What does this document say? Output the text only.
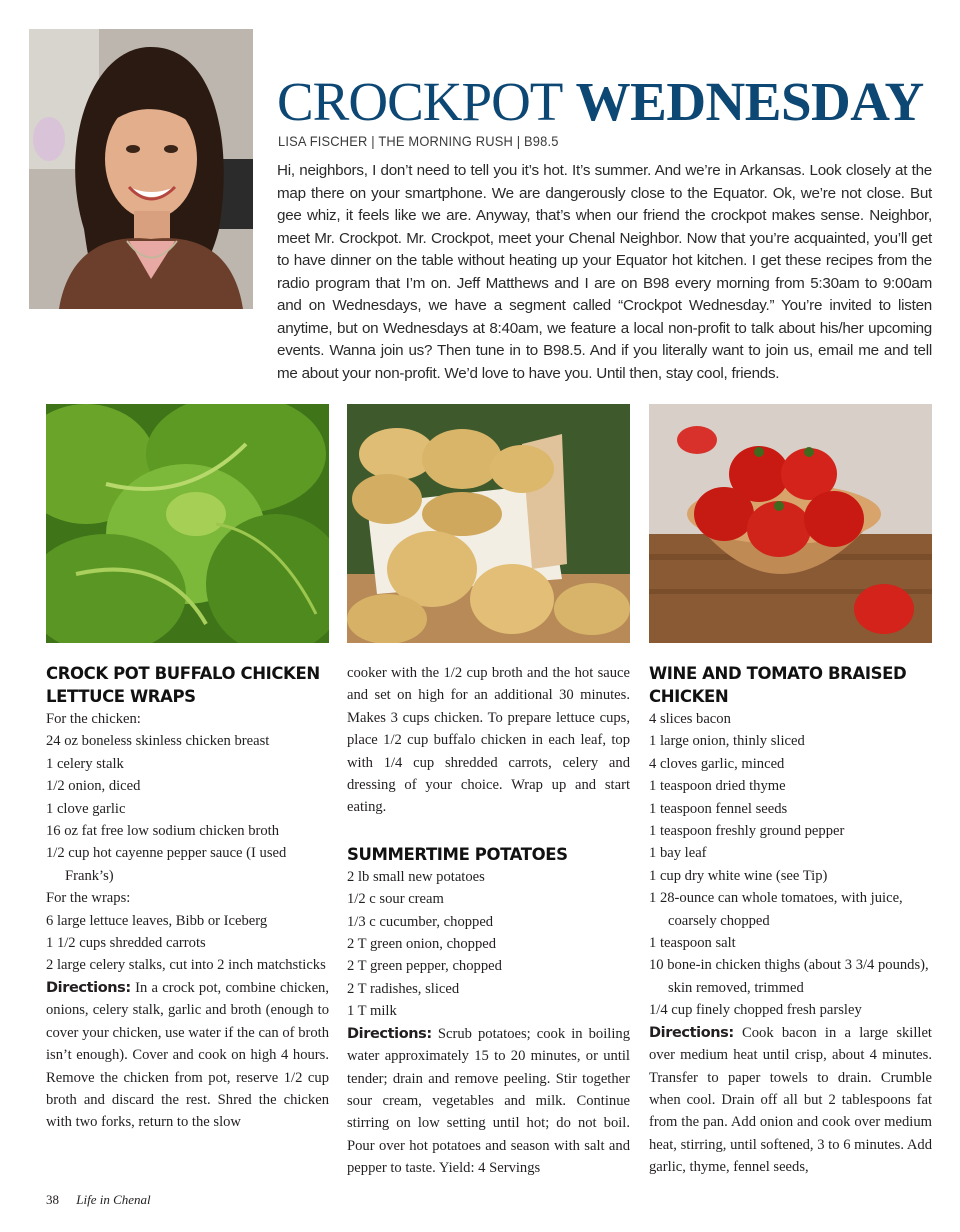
CROCKPOT WEDNESDAY
LISA FISCHER | THE MORNING RUSH | B98.5

Hi, neighbors, I don’t need to tell you it’s hot. It’s summer. And we’re in Arkansas. Look closely at the map there on your smartphone. We are dangerously close to the Equator. Ok, we’re not close. But gee whiz, it feels like we are. Anyway, that’s when our friend the crockpot makes sense. Neighbor, meet Mr. Crockpot. Mr. Crockpot, meet your Chenal Neighbor. Now that you’re acquainted, you’ll get to have dinner on the table without heating up your Equator hot kitchen. I get these recipes from the radio program that I’m on. Jeff Matthews and I are on B98 every morning from 5:30am to 9:00am and on Wednesdays, we have a segment called “Crockpot Wednesday.” You’re invited to listen anytime, but on Wednesdays at 8:40am, we feature a local non-profit to talk about his/her upcoming events. Wanna join us? Then tune in to B98.5. And if you literally want to join us, email me and tell me about your non-profit. We’d love to have you. Until then, stay cool, friends.

CROCK POT BUFFALO CHICKEN LETTUCE WRAPS
For the chicken:
24 oz boneless skinless chicken breast
1 celery stalk
1/2 onion, diced
1 clove garlic
16 oz fat free low sodium chicken broth
1/2 cup hot cayenne pepper sauce (I used Frank’s)
For the wraps:
6 large lettuce leaves, Bibb or Iceberg
1 1/2 cups shredded carrots
2 large celery stalks, cut into 2 inch matchsticks

Directions: In a crock pot, combine chicken, onions, celery stalk, garlic and broth (enough to cover your chicken, use water if the can of broth isn’t enough). Cover and cook on high 4 hours. Remove the chicken from pot, reserve 1/2 cup broth and discard the rest. Shred the chicken with two forks, return to the slow

cooker with the 1/2 cup broth and the hot sauce and set on high for an additional 30 minutes. Makes 3 cups chicken. To prepare lettuce cups, place 1/2 cup buffalo chicken in each leaf, top with 1/4 cup shredded carrots, celery and dressing of your choice. Wrap up and start eating.

SUMMERTIME POTATOES
2 lb small new potatoes
1/2 c sour cream
1/3 c cucumber, chopped
2 T green onion, chopped
2 T green pepper, chopped
2 T radishes, sliced
1 T milk

Directions: Scrub potatoes; cook in boiling water approximately 15 to 20 minutes, or until tender; drain and remove peeling. Stir together sour cream, vegetables and milk. Continue stirring on low setting until hot; do not boil. Pour over hot potatoes and season with salt and pepper to taste. Yield: 4 Servings

WINE AND TOMATO BRAISED CHICKEN
4 slices bacon
1 large onion, thinly sliced
4 cloves garlic, minced
1 teaspoon dried thyme
1 teaspoon fennel seeds
1 teaspoon freshly ground pepper
1 bay leaf
1 cup dry white wine (see Tip)
1 28-ounce can whole tomatoes, with juice, coarsely chopped
1 teaspoon salt
10 bone-in chicken thighs (about 3 3/4 pounds), skin removed, trimmed
1/4 cup finely chopped fresh parsley

Directions: Cook bacon in a large skillet over medium heat until crisp, about 4 minutes. Transfer to paper towels to drain. Crumble when cool. Drain off all but 2 tablespoons fat from the pan. Add onion and cook over medium heat, stirring, until softened, 3 to 6 minutes. Add garlic, thyme, fennel seeds,

38 Life in Chenal
